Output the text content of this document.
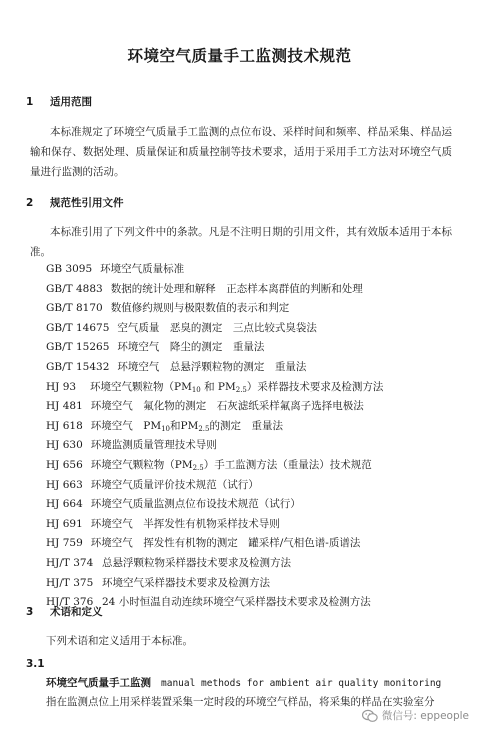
环境空气质量手工监测技术规范
1 适用范围
本标准规定了环境空气质量手工监测的点位布设、采样时间和频率、样品采集、样品运输和保存、数据处理、质量保证和质量控制等技术要求，适用于采用手工方法对环境空气质量进行监测的活动。
2 规范性引用文件
本标准引用了下列文件中的条款。凡是不注明日期的引用文件，其有效版本适用于本标准。
GB 3095 环境空气质量标准
GB/T 4883 数据的统计处理和解释　正态样本离群值的判断和处理
GB/T 8170 数值修约规则与极限数值的表示和判定
GB/T 14675 空气质量　恶臭的测定　三点比较式臭袋法
GB/T 15265 环境空气　降尘的测定　重量法
GB/T 15432 环境空气　总悬浮颗粒物的测定　重量法
HJ 93 环境空气颗粒物（$PM_{10}$ 和 $PM_{2.5}$）采样器技术要求及检测方法
HJ 481 环境空气　氟化物的测定　石灰滤纸采样氟离子选择电极法
HJ 618 环境空气　$PM_{10}$和$PM_{2.5}$的测定　重量法
HJ 630 环境监测质量管理技术导则
HJ 656 环境空气颗粒物$(PM_{2.5})$手工监测方法（重量法）技术规范
HJ 663 环境空气质量评价技术规范（试行）
HJ 664 环境空气质量监测点位布设技术规范（试行）
HJ 691 环境空气　半挥发性有机物采样技术导则
HJ 759 环境空气　挥发性有机物的测定　罐采样/气相色谱-质谱法
HJ/T 374 总悬浮颗粒物采样器技术要求及检测方法
HJ/T 375 环境空气采样器技术要求及检测方法
HJ/T 376 24 小时恒温自动连续环境空气采样器技术要求及检测方法
3 术语和定义
下列术语和定义适用于本标准。
3.1
环境空气质量手工监测 manual methods for ambient air quality monitoring
指在监测点位上用采样装置采集一定时段的环境空气样品，将采集的样品在实验室分
微信号: eppeople
